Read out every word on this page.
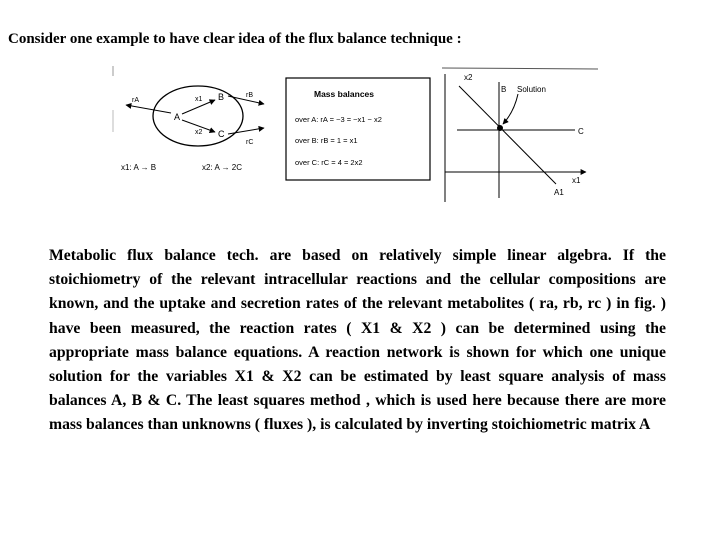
Consider one example to have clear idea of the flux balance technique :
A
B
C
x1
x2
rA
rB
rC
x1: A → B	x2: A → 2C
Mass balances
over A: rA = −3 = −x1 − x2
over B: rB = 1 = x1
over C: rC = 4 = 2x2
x2
x1
B
C
A1
Solution

Metabolic flux balance tech. are based on relatively simple linear algebra. If the stoichiometry of the relevant intracellular reactions and the cellular compositions are known, and the uptake and secretion rates of the relevant metabolites ( ra, rb, rc ) in fig. ) have been measured, the reaction rates ( X1 & X2 ) can be determined using the appropriate mass balance equations. A reaction network is shown for which one unique solution for the variables X1 & X2 can be estimated by least square analysis of mass balances A, B & C. The least squares method , which is used here because there are more mass balances than unknowns ( fluxes ), is calculated by inverting stoichiometric matrix A
